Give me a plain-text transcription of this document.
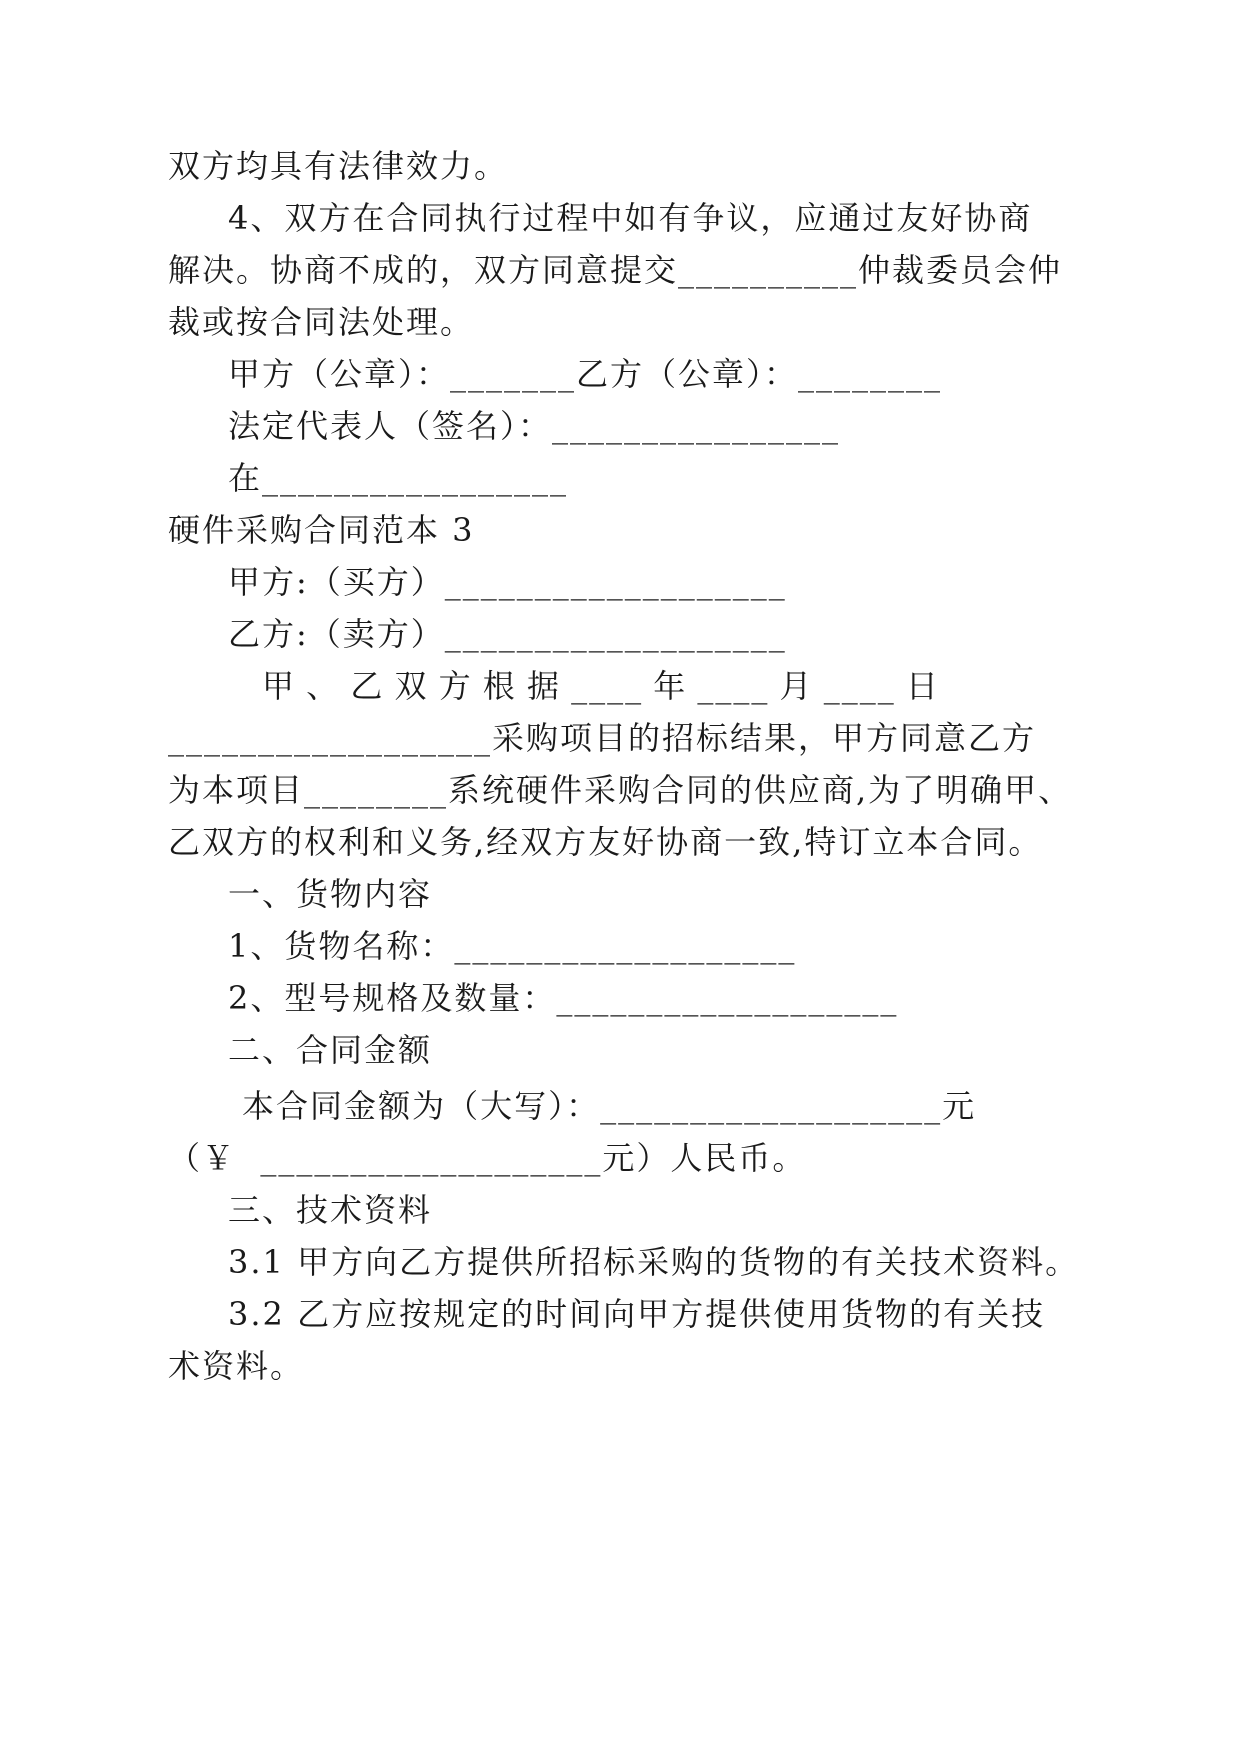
双方均具有法律效力。
4、双方在合同执行过程中如有争议，应通过友好协商
解决。协商不成的，双方同意提交__________仲裁委员会仲
裁或按合同法处理。
甲方（公章）：_______乙方（公章）：________
法定代表人（签名）：________________
在_________________
硬件采购合同范本 3
甲方:（买方）___________________
乙方:（卖方）___________________
甲 、 乙 双 方 根 据 ____ 年 ____ 月 ____ 日
__________________采购项目的招标结果，甲方同意乙方
为本项目________系统硬件采购合同的供应商,为了明确甲、
乙双方的权利和义务,经双方友好协商一致,特订立本合同。
一、货物内容
1、货物名称：___________________
2、型号规格及数量：___________________
二、合同金额
本 合 同 金 额 为 （ 大 写 ）： ___________________ 元
（￥  ___________________元）人民币。
三、技术资料
3.1 甲方向乙方提供所招标采购的货物的有关技术资料。
3.2 乙方应按规定的时间向甲方提供使用货物的有关技
术资料。
